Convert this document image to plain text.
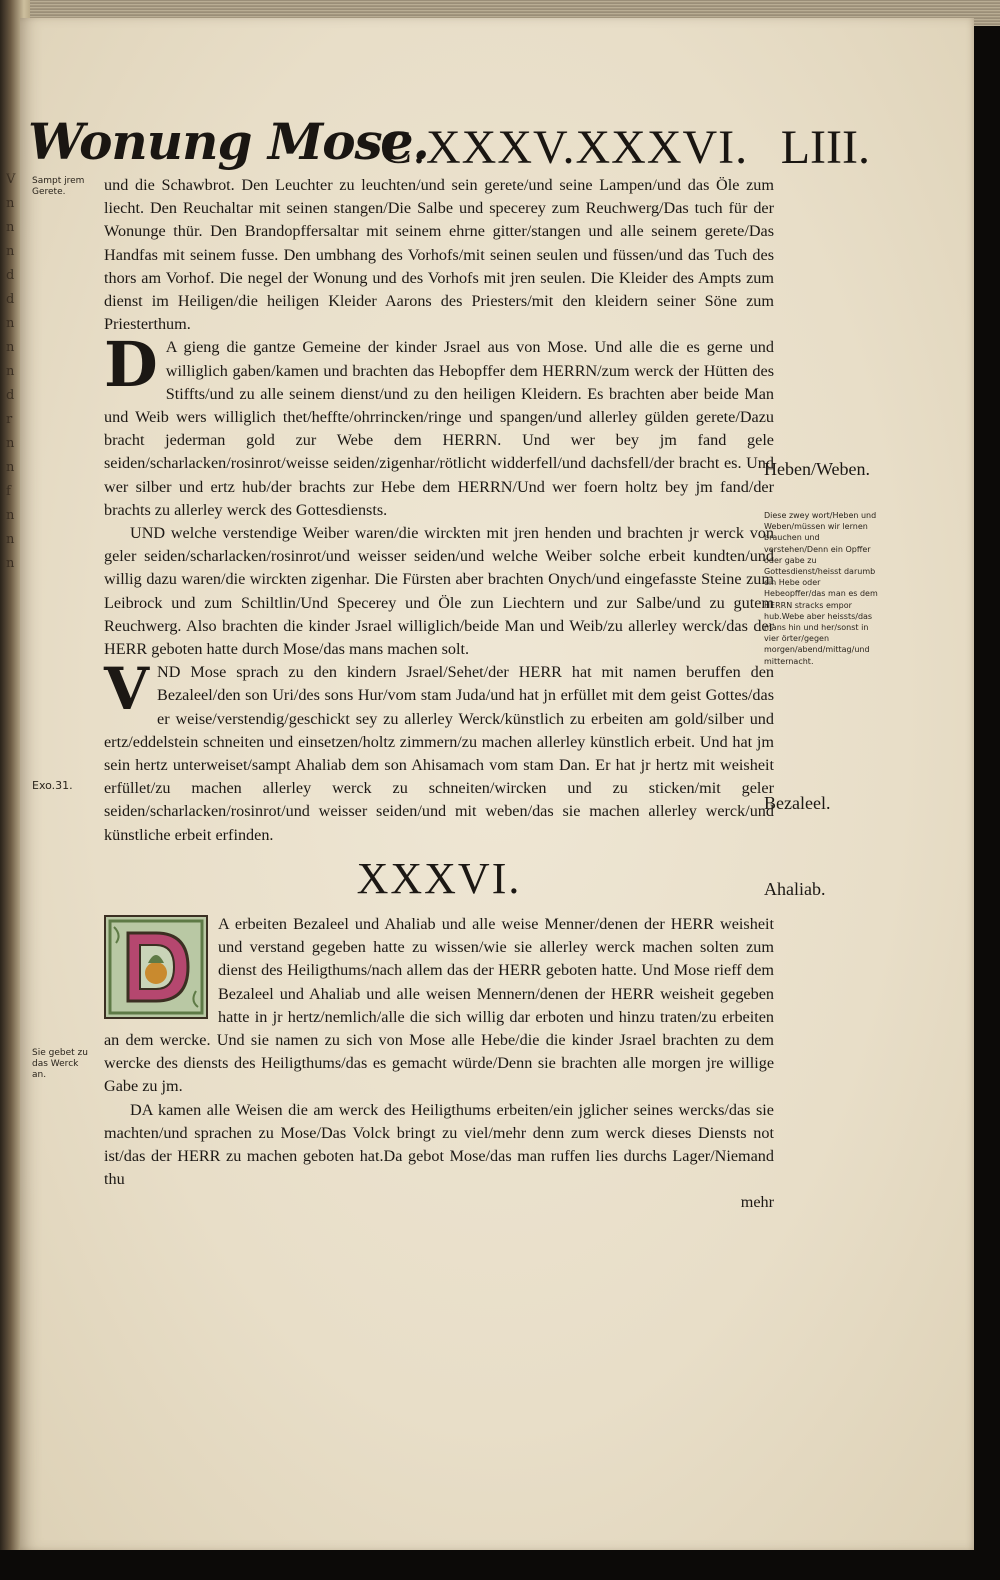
V
n
n
n
d
d
n
n
n
d
r
n
n
f
n
n
n
Wonung Mose.
C.XXXV.XXXVI. LIII.
Sampt jrem Gerete.
Exo.31.
Sie gebet zu das Werck an.
Heben/Weben.
Diese zwey wort/Heben und Weben/müssen wir lernen brauchen und verstehen/Denn ein Opffer oder gabe zu Gottesdienst/heisst darumb ein Hebe oder Hebeopffer/das man es dem HERRN stracks empor hub.Webe aber heissts/das mans hin und her/sonst in vier örter/gegen morgen/abend/mittag/und mitternacht.
Bezaleel.
Ahaliab.

und die Schawbrot. Den Leuchter zu leuchten/und sein gerete/und seine Lampen/und das Öle zum liecht. Den Reuchaltar mit seinen stangen/Die Salbe und specerey zum Reuchwerg/Das tuch für der Wonunge thür. Den Brandopffersaltar mit seinem ehrne gitter/stangen und alle seinem gerete/Das Handfas mit seinem fusse. Den umbhang des Vorhofs/mit seinen seulen und füssen/und das Tuch des thors am Vorhof. Die negel der Wonung und des Vorhofs mit jren seulen. Die Kleider des Ampts zum dienst im Heiligen/die heiligen Kleider Aarons des Priesters/mit den kleidern seiner Söne zum Priesterthum.

D A gieng die gantze Gemeine der kinder Jsrael aus von Mose. Und alle die es gerne und williglich gaben/kamen und brachten das Hebopffer dem HERRN/zum werck der Hütten des Stiffts/und zu alle seinem dienst/und zu den heiligen Kleidern. Es brachten aber beide Man und Weib wers williglich thet/heffte/ohrrincken/ringe und spangen/und allerley gülden gerete/Dazu bracht jederman gold zur Webe dem HERRN. Und wer bey jm fand gele seiden/scharlacken/rosinrot/weisse seiden/zigenhar/rötlicht widderfell/und dachsfell/der bracht es. Und wer silber und ertz hub/der brachts zur Hebe dem HERRN/Und wer foern holtz bey jm fand/der brachts zu allerley werck des Gottesdiensts.

UND welche verstendige Weiber waren/die wirckten mit jren henden und brachten jr werck von geler seiden/scharlacken/rosinrot/und weisser seiden/und welche Weiber solche erbeit kundten/und willig dazu waren/die wirckten zigenhar. Die Fürsten aber brachten Onych/und eingefasste Steine zum Leibrock und zum Schiltlin/Und Specerey und Öle zun Liechtern und zur Salbe/und zu gutem Reuchwerg. Also brachten die kinder Jsrael williglich/beide Man und Weib/zu allerley werck/das der HERR geboten hatte durch Mose/das mans machen solt.

VND Mose sprach zu den kindern Jsrael/Sehet/der HERR hat mit namen beruffen den Bezaleel/den son Uri/des sons Hur/vom stam Juda/und hat jn erfüllet mit dem geist Gottes/das er weise/verstendig/geschickt sey zu allerley Werck/künstlich zu erbeiten am gold/silber und ertz/eddelstein schneiten und einsetzen/holtz zimmern/zu machen allerley künstlich erbeit. Und hat jm sein hertz unterweiset/sampt Ahaliab dem son Ahisamach vom stam Dan. Er hat jr hertz mit weisheit erfüllet/zu machen allerley werck zu schneiten/wircken und zu sticken/mit geler seiden/scharlacken/rosinrot/und weisser seiden/und mit weben/das sie machen allerley werck/und künstliche erbeit erfinden.

XXXVI.

A erbeiten Bezaleel und Ahaliab und alle weise Menner/denen der HERR weisheit und verstand gegeben hatte zu wissen/wie sie allerley werck machen solten zum dienst des Heiligthums/nach allem das der HERR geboten hatte. Und Mose rieff dem Bezaleel und Ahaliab und alle weisen Mennern/denen der HERR weisheit gegeben hatte in jr hertz/nemlich/alle die sich willig dar erboten und hinzu traten/zu erbeiten an dem wercke. Und sie namen zu sich von Mose alle Hebe/die die kinder Jsrael brachten zu dem wercke des diensts des Heiligthums/das es gemacht würde/Denn sie brachten alle morgen jre willige Gabe zu jm.

DA kamen alle Weisen die am werck des Heiligthums erbeiten/ein jglicher seines wercks/das sie machten/und sprachen zu Mose/Das Volck bringt zu viel/mehr denn zum werck dieses Diensts not ist/das der HERR zu machen geboten hat.Da gebot Mose/das man ruffen lies durchs Lager/Niemand thu

mehr
